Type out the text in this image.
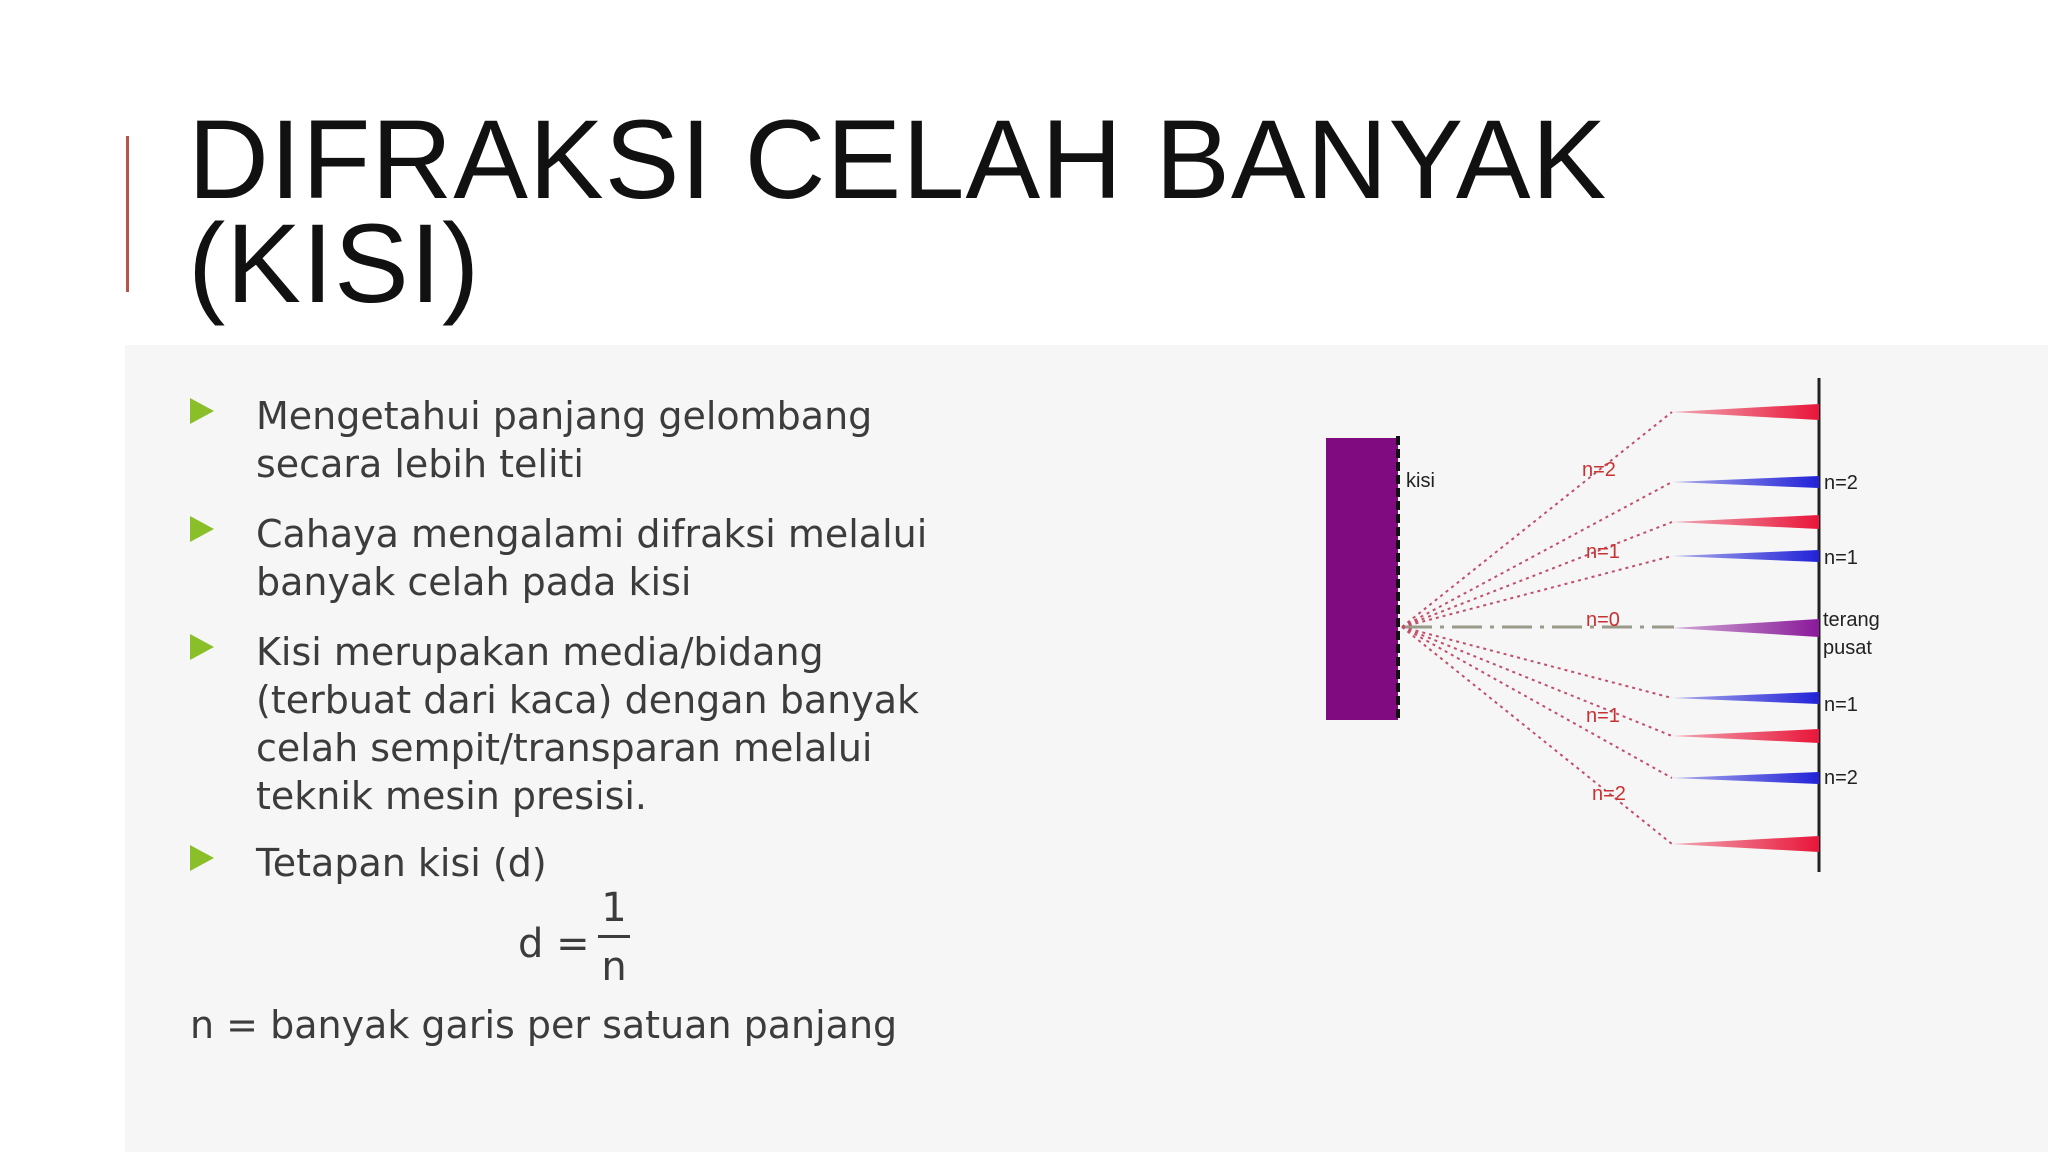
DIFRAKSI CELAH BANYAK
(KISI)
Mengetahui panjang gelombang secara lebih teliti
Cahaya mengalami difraksi melalui banyak celah pada kisi
Kisi merupakan media/bidang (terbuat dari kaca) dengan banyak celah sempit/transparan melalui teknik mesin presisi.
Tetapan kisi (d)
d =
1
n
n = banyak garis per satuan panjang
kisi	n=2
n=1
n=0
n=1
n=2
n=2
n=1
terang
pusat
n=1
n=2
